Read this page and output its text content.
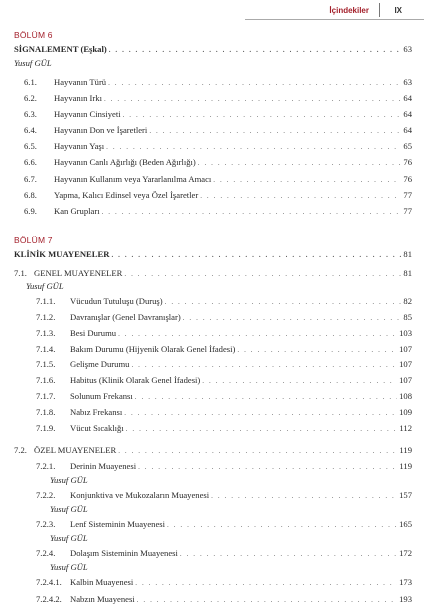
İçindekiler	IX
BÖLÜM 6
SİGNALEMENT (Eşkal) . . .	63
Yusuf GÜL
6.1.	Hayvanın Türü . . .	63
6.2.	Hayvanın Irkı . . .	64
6.3.	Hayvanın Cinsiyeti . . .	64
6.4.	Hayvanın Don ve İşaretleri . . .	64
6.5.	Hayvanın Yaşı . . .	65
6.6.	Hayvanın Canlı Ağırlığı (Beden Ağırlığı) . . .	76
6.7.	Hayvanın Kullanım veya Yararlanılma Amacı . . .	76
6.8.	Yapma, Kalıcı Edinsel veya Özel İşaretler . . .	77
6.9.	Kan Grupları . . .	77
BÖLÜM 7
KLİNİK MUAYENELER . . .	81
7.1. GENEL MUAYENELER . . .	81
Yusuf GÜL
7.1.1.	Vücudun Tutuluşu (Duruş) . . .	82
7.1.2.	Davranışlar (Genel Davranışlar) . . .	85
7.1.3.	Besi Durumu . . .	103
7.1.4.	Bakım Durumu (Hijyenik Olarak Genel İfadesi) . . .	107
7.1.5.	Gelişme Durumu . . .	107
7.1.6.	Habitus (Klinik Olarak Genel İfadesi) . . .	107
7.1.7.	Solunum Frekansı . . .	108
7.1.8.	Nabız Frekansı . . .	109
7.1.9.	Vücut Sıcaklığı . . .	112
7.2. ÖZEL MUAYENELER . . .	119
7.2.1.	Derinin Muayenesi . . .	119
Yusuf GÜL
7.2.2.	Konjunktiva ve Mukozaların Muayenesi . . .	157
Yusuf GÜL
7.2.3.	Lenf Sisteminin Muayenesi . . .	165
Yusuf GÜL
7.2.4.	Dolaşım Sisteminin Muayenesi . . .	172
Yusuf GÜL
7.2.4.1. Kalbin Muayenesi . . .	173
7.2.4.2. Nabzın Muayenesi . . .	193
